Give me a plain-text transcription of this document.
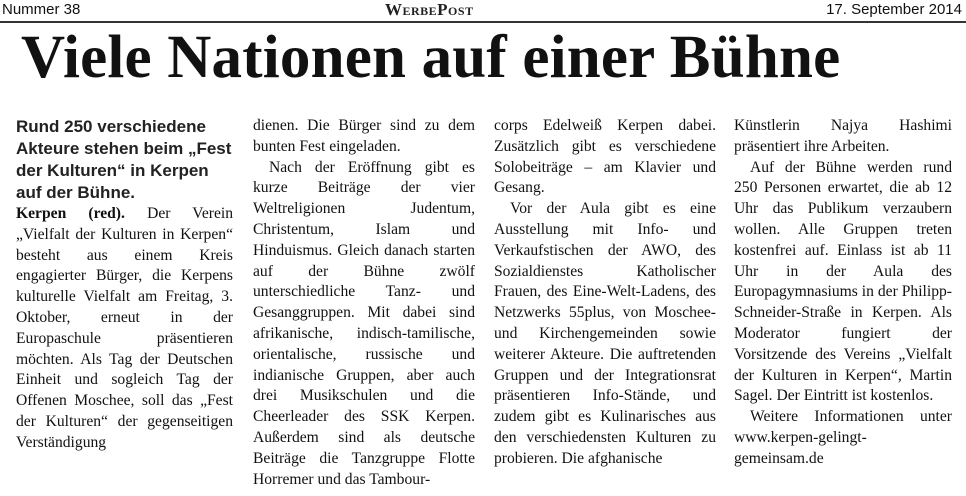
Nummer 38	WerbePost	17. September 2014
Viele Nationen auf einer Bühne

Rund 250 verschiedene Akteure stehen beim „Fest der Kulturen“ in Kerpen auf der Bühne.

Kerpen (red). Der Verein „Vielfalt der Kulturen in Kerpen“ besteht aus einem Kreis engagierter Bürger, die Kerpens kulturelle Vielfalt am Freitag, 3. Oktober, erneut in der Europaschule präsentieren möchten. Als Tag der Deutschen Einheit und sogleich Tag der Offenen Moschee, soll das „Fest der Kulturen“ der gegenseitigen Verständigung

dienen. Die Bürger sind zu dem bunten Fest eingeladen.

Nach der Eröffnung gibt es kurze Beiträge der vier Weltreligionen Judentum, Christentum, Islam und Hinduismus. Gleich danach starten auf der Bühne zwölf unterschiedliche Tanz- und Gesanggruppen. Mit dabei sind afrikanische, indisch-tamilische, orientalische, russische und indianische Gruppen, aber auch drei Musikschulen und die Cheerleader des SSK Kerpen. Außerdem sind als deutsche Beiträge die Tanzgruppe Flotte Horremer und das Tambour-

corps Edelweiß Kerpen dabei. Zusätzlich gibt es verschiedene Solobeiträge – am Klavier und Gesang.

Vor der Aula gibt es eine Ausstellung mit Info- und Verkaufstischen der AWO, des Sozialdienstes Katholischer Frauen, des Eine-Welt-Ladens, des Netzwerks 55plus, von Moschee- und Kirchengemeinden sowie weiterer Akteure. Die auftretenden Gruppen und der Integrationsrat präsentieren Info-Stände, und zudem gibt es Kulinarisches aus den verschiedensten Kulturen zu probieren. Die afghanische

Künstlerin Najya Hashimi präsentiert ihre Arbeiten.

Auf der Bühne werden rund 250 Personen erwartet, die ab 12 Uhr das Publikum verzaubern wollen. Alle Gruppen treten kostenfrei auf. Einlass ist ab 11 Uhr in der Aula des Europagymnasiums in der Philipp-Schneider-Straße in Kerpen. Als Moderator fungiert der Vorsitzende des Vereins „Vielfalt der Kulturen in Kerpen“, Martin Sagel. Der Eintritt ist kostenlos.

Weitere Informationen unter www.kerpen-gelingt-gemeinsam.de
